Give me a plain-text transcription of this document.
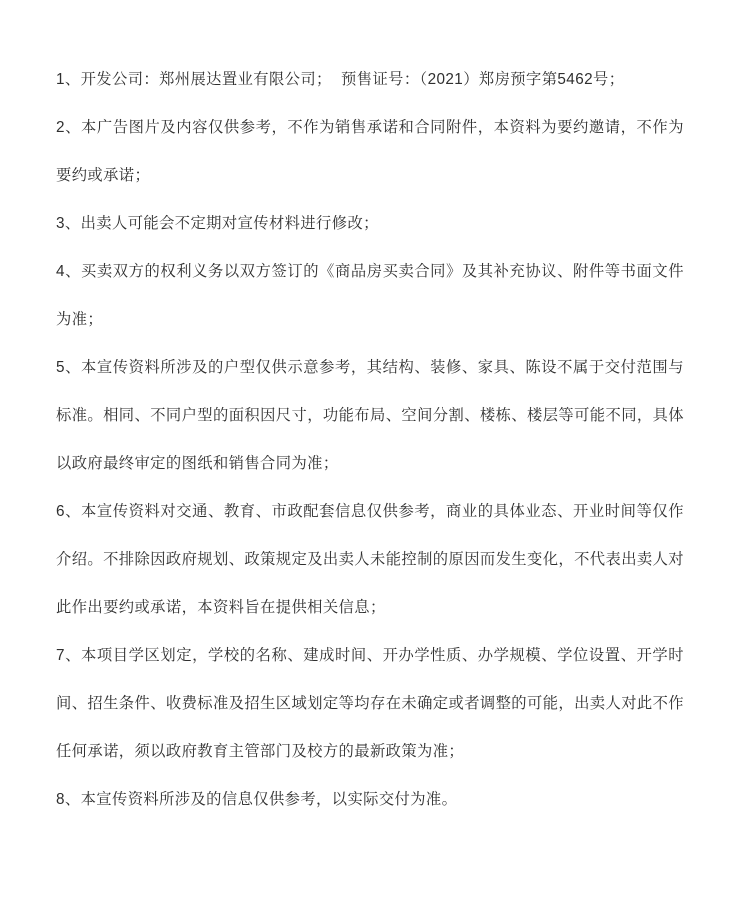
1、开发公司：郑州展达置业有限公司；  预售证号：（2021）郑房预字第5462号；

2、本广告图片及内容仅供参考，不作为销售承诺和合同附件，本资料为要约邀请，不作为要约或承诺；

3、出卖人可能会不定期对宣传材料进行修改；

4、买卖双方的权利义务以双方签订的《商品房买卖合同》及其补充协议、附件等书面文件为准；

5、本宣传资料所涉及的户型仅供示意参考，其结构、装修、家具、陈设不属于交付范围与标准。相同、不同户型的面积因尺寸，功能布局、空间分割、楼栋、楼层等可能不同，具体以政府最终审定的图纸和销售合同为准；

6、本宣传资料对交通、教育、市政配套信息仅供参考，商业的具体业态、开业时间等仅作介绍。不排除因政府规划、政策规定及出卖人未能控制的原因而发生变化，不代表出卖人对此作出要约或承诺，本资料旨在提供相关信息；

7、本项目学区划定，学校的名称、建成时间、开办学性质、办学规模、学位设置、开学时间、招生条件、收费标准及招生区域划定等均存在未确定或者调整的可能，出卖人对此不作任何承诺，须以政府教育主管部门及校方的最新政策为准；

8、本宣传资料所涉及的信息仅供参考，以实际交付为准。
